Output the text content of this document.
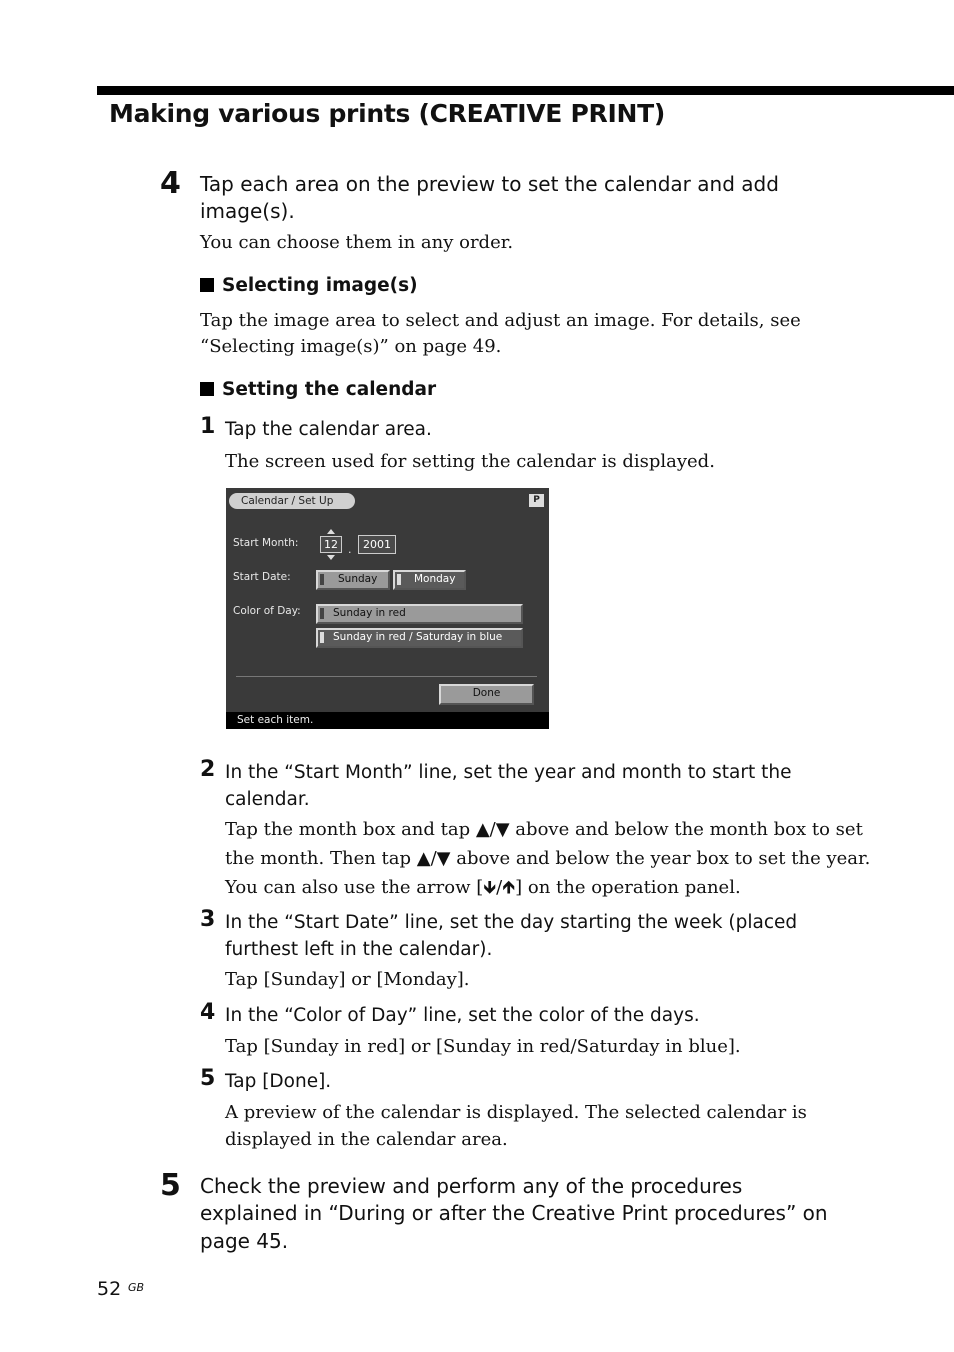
Making various prints (CREATIVE PRINT)
4 Tap each area on the preview to set the calendar and add
image(s).
You can choose them in any order.
Selecting image(s)
Tap the image area to select and adjust an image. For details, see
“Selecting image(s)” on page 49.
Setting the calendar
1 Tap the calendar area.
The screen used for setting the calendar is displayed.
Calendar / Set Up	P
Start Month:	12 .	2001
Start Date:	Sunday	Monday
Color of Day:	Sunday in red
Sunday in red / Saturday in blue
Done
Set each item.
2 In the “Start Month” line, set the year and month to start the
calendar.
Tap the month box and tap ▲/▼ above and below the month box to set
the month. Then tap ▲/▼ above and below the year box to set the year.
You can also use the arrow [🡻/🡹] on the operation panel.
3 In the “Start Date” line, set the day starting the week (placed
furthest left in the calendar).
Tap [Sunday] or [Monday].
4 In the “Color of Day” line, set the color of the days.
Tap [Sunday in red] or [Sunday in red/Saturday in blue].
5 Tap [Done].
A preview of the calendar is displayed. The selected calendar is
displayed in the calendar area.
5 Check the preview and perform any of the procedures
explained in “During or after the Creative Print procedures” on
page 45.
52 GB
